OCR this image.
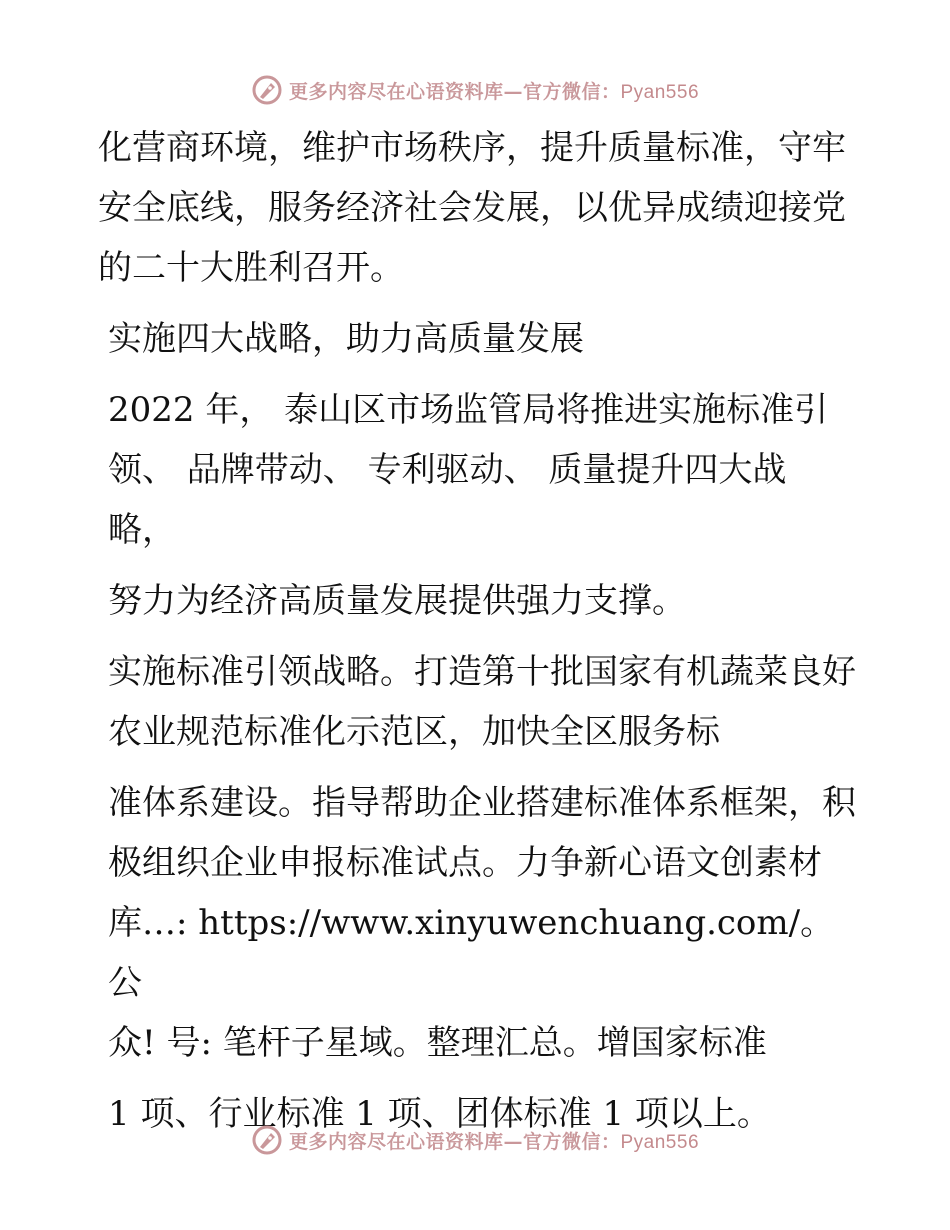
更多内容尽在心语资料库—官方微信：Pyan556

化营商环境，维护市场秩序，提升质量标准，守牢安全底线，服务经济社会发展，以优异成绩迎接党的二十大胜利召开。

实施四大战略，助力高质量发展

2022 年， 泰山区市场监管局将推进实施标准引
领、 品牌带动、 专利驱动、 质量提升四大战
略，

努力为经济高质量发展提供强力支撑。

实施标准引领战略。打造第十批国家有机蔬菜良好农业规范标准化示范区，加快全区服务标

准体系建设。指导帮助企业搭建标准体系框架，积极组织企业申报标准试点。力争新心语文创素材库…: https://www.xinyuwenchuang.com/。公
众! 号: 笔杆子星域。整理汇总。增国家标准

1 项、行业标准 1 项、团体标准 1 项以上。

更多内容尽在心语资料库—官方微信：Pyan556
